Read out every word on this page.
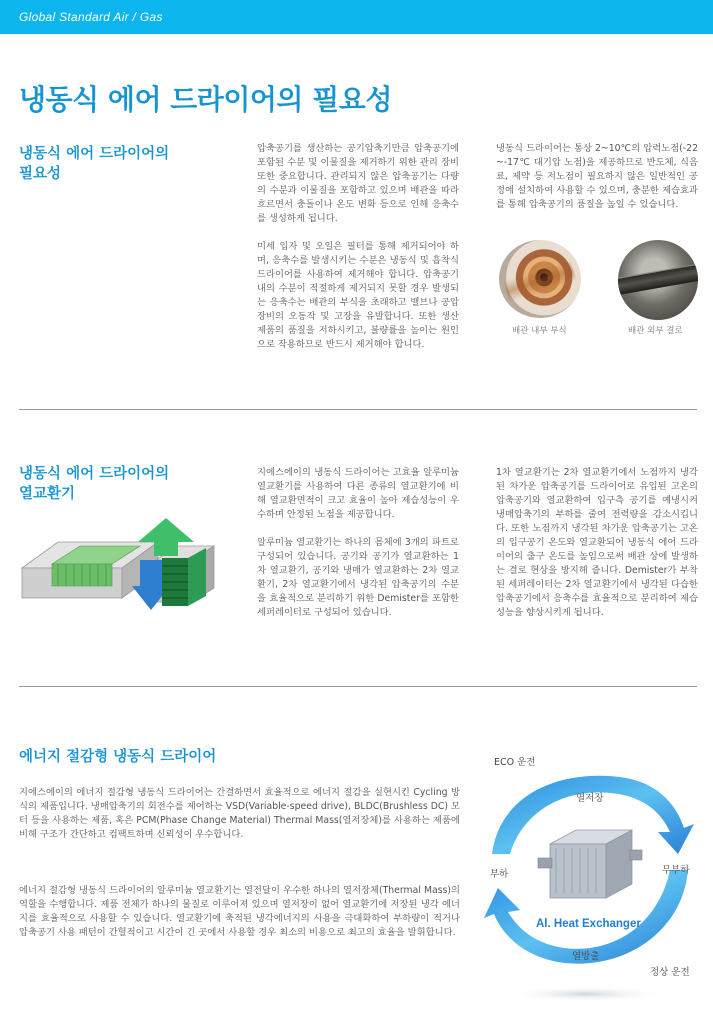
Global Standard Air / Gas
냉동식 에어 드라이어의 필요성
냉동식 에어 드라이어의
필요성

압축공기를 생산하는 공기압축기만큼 압축공기에 포함된 수분 및 이물질을 제거하기 위한 관리 장비 또한 중요합니다. 관리되지 않은 압축공기는 다량의 수분과 이물질을 포함하고 있으며 배관을 따라 흐르면서 충돌이나 온도 변화 등으로 인해 응축수를 생성하게 됩니다.

미세 입자 및 오일은 필터를 통해 제거되어야 하며, 응축수를 발생시키는 수분은 냉동식 및 흡착식 드라이어를 사용하여 제거해야 합니다. 압축공기 내의 수분이 적절하게 제거되지 못할 경우 발생되는 응축수는 배관의 부식을 초래하고 밸브나 공압장비의 오동작 및 고장을 유발합니다. 또한 생산 제품의 품질을 저하시키고, 불량률을 높이는 원인으로 작용하므로 반드시 제거해야 합니다.

냉동식 드라이어는 통상 2~10℃의 압력노점(-22~-17℃ 대기압 노점)을 제공하므로 반도체, 식음료, 제약 등 저노점이 필요하지 않은 일반적인 공정에 설치하여 사용할 수 있으며, 충분한 제습효과를 통해 압축공기의 품질을 높일 수 있습니다.

배관 내부 부식	배관 외부 결로
냉동식 에어 드라이어의
열교환기

지에스에이의 냉동식 드라이어는 고효율 알루미늄 열교환기를 사용하여 다른 종류의 열교환기에 비해 열교환면적이 크고 효율이 높아 제습성능이 우수하며 안정된 노점을 제공합니다.

알루미늄 열교환기는 하나의 몸체에 3개의 파트로 구성되어 있습니다. 공기와 공기가 열교환하는 1차 열교환기, 공기와 냉매가 열교환하는 2차 열교환기, 2차 열교환기에서 냉각된 압축공기의 수분을 효율적으로 분리하기 위한 Demister를 포함한 세퍼레이터로 구성되어 있습니다.

1차 열교환기는 2차 열교환기에서 노점까지 냉각된 차가운 압축공기를 드라이어로 유입된 고온의 압축공기와 열교환하여 입구측 공기를 예냉시켜 냉매압축기의 부하를 줄여 전력량을 감소시킵니다. 또한 노점까지 냉각된 차가운 압축공기는 고온의 입구공기 온도와 열교환되어 냉동식 에어 드라이어의 출구 온도를 높임으로써 배관 상에 발생하는 결로 현상을 방지해 줍니다. Demister가 부착된 세퍼레이터는 2차 열교환기에서 냉각된 다습한 압축공기에서 응축수를 효율적으로 분리하여 제습성능을 향상시키게 됩니다.

에너지 절감형 냉동식 드라이어

지에스에이의 에너지 절감형 냉동식 드라이어는 간결하면서 효율적으로 에너지 절감을 실현시킨 Cycling 방식의 제품입니다. 냉매압축기의 회전수를 제어하는 VSD(Variable-speed drive), BLDC(Brushless DC) 모터 등을 사용하는 제품, 혹은 PCM(Phase Change Material) Thermal Mass(열저장체)를 사용하는 제품에 비해 구조가 간단하고 컴팩트하며 신뢰성이 우수합니다.

에너지 절감형 냉동식 드라이어의 알루미늄 열교환기는 열전달이 우수한 하나의 열저장체(Thermal Mass)의 역할을 수행합니다. 제품 전체가 하나의 물질로 이루어져 있으며 열저장이 없어 열교환기에 저장된 냉각 에너지를 효율적으로 사용할 수 있습니다. 열교환기에 축적된 냉각에너지의 사용을 극대화하여 부하량이 적거나 압축공기 사용 패턴이 간헐적이고 시간이 긴 곳에서 사용할 경우 최소의 비용으로 최고의 효율을 발휘합니다.

ECO 운전
열저장
부하	무부하
Al. Heat Exchanger
열방출
정상 운전
